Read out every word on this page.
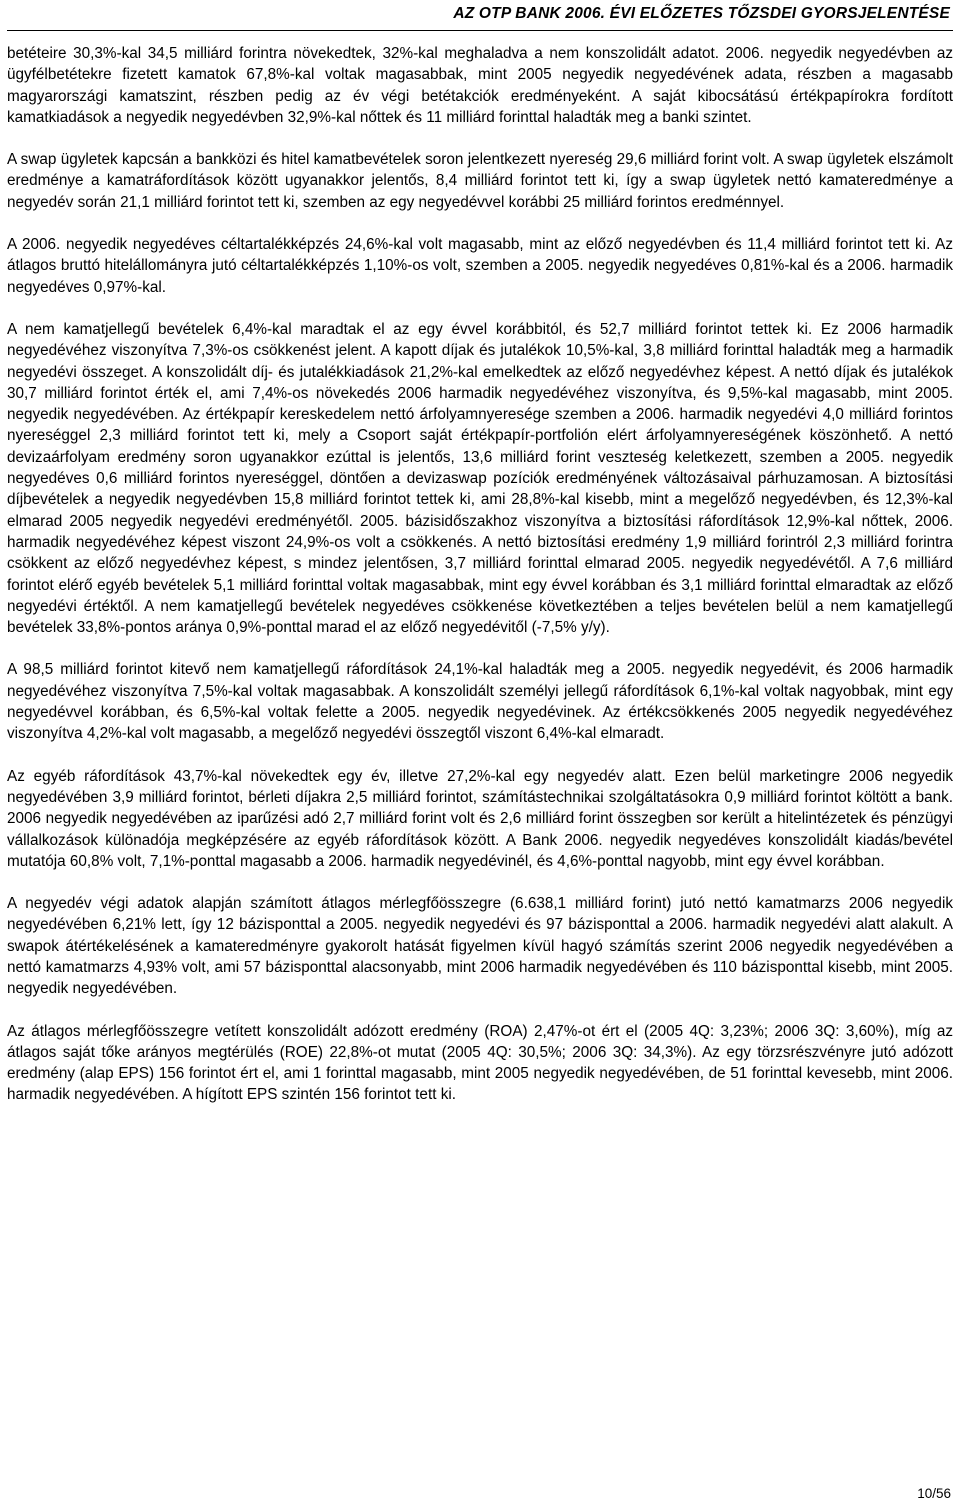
AZ OTP BANK 2006. ÉVI ELŐZETES TŐZSDEI GYORSJELENTÉSE

betéteire 30,3%-kal 34,5 milliárd forintra növekedtek, 32%-kal meghaladva a nem konszolidált adatot. 2006. negyedik negyedévben az ügyfélbetétekre fizetett kamatok 67,8%-kal voltak magasabbak, mint 2005 negyedik negyedévének adata, részben a magasabb magyarországi kamatszint, részben pedig az év végi betétakciók eredményeként. A saját kibocsátású értékpapírokra fordított kamatkiadások a negyedik negyedévben 32,9%-kal nőttek és 11 milliárd forinttal haladták meg a banki szintet.

A swap ügyletek kapcsán a bankközi és hitel kamatbevételek soron jelentkezett nyereség 29,6 milliárd forint volt. A swap ügyletek elszámolt eredménye a kamatráfordítások között ugyanakkor jelentős, 8,4 milliárd forintot tett ki, így a swap ügyletek nettó kamateredménye a negyedév során 21,1 milliárd forintot tett ki, szemben az egy negyedévvel korábbi 25 milliárd forintos eredménnyel.

A 2006. negyedik negyedéves céltartalékképzés 24,6%-kal volt magasabb, mint az előző negyedévben és 11,4 milliárd forintot tett ki. Az átlagos bruttó hitelállományra jutó céltartalékképzés 1,10%-os volt, szemben a 2005. negyedik negyedéves 0,81%-kal és a 2006. harmadik negyedéves 0,97%-kal.

A nem kamatjellegű bevételek 6,4%-kal maradtak el az egy évvel korábbitól, és 52,7 milliárd forintot tettek ki. Ez 2006 harmadik negyedévéhez viszonyítva 7,3%-os csökkenést jelent. A kapott díjak és jutalékok 10,5%-kal, 3,8 milliárd forinttal haladták meg a harmadik negyedévi összeget. A konszolidált díj- és jutalékkiadások 21,2%-kal emelkedtek az előző negyedévhez képest. A nettó díjak és jutalékok 30,7 milliárd forintot érték el, ami 7,4%-os növekedés 2006 harmadik negyedévéhez viszonyítva, és 9,5%-kal magasabb, mint 2005. negyedik negyedévében. Az értékpapír kereskedelem nettó árfolyamnyeresége szemben a 2006. harmadik negyedévi 4,0 milliárd forintos nyereséggel 2,3 milliárd forintot tett ki, mely a Csoport saját értékpapír-portfolión elért árfolyamnyereségének köszönhető. A nettó devizaárfolyam eredmény soron ugyanakkor ezúttal is jelentős, 13,6 milliárd forint veszteség keletkezett, szemben a 2005. negyedik negyedéves 0,6 milliárd forintos nyereséggel, döntően a devizaswap pozíciók eredményének változásaival párhuzamosan. A biztosítási díjbevételek a negyedik negyedévben 15,8 milliárd forintot tettek ki, ami 28,8%-kal kisebb, mint a megelőző negyedévben, és 12,3%-kal elmarad 2005 negyedik negyedévi eredményétől. 2005. bázisidőszakhoz viszonyítva a biztosítási ráfordítások 12,9%-kal nőttek, 2006. harmadik negyedévéhez képest viszont 24,9%-os volt a csökkenés. A nettó biztosítási eredmény 1,9 milliárd forintról 2,3 milliárd forintra csökkent az előző negyedévhez képest, s mindez jelentősen, 3,7 milliárd forinttal elmarad 2005. negyedik negyedévétől. A 7,6 milliárd forintot elérő egyéb bevételek 5,1 milliárd forinttal voltak magasabbak, mint egy évvel korábban és 3,1 milliárd forinttal elmaradtak az előző negyedévi értéktől. A nem kamatjellegű bevételek negyedéves csökkenése következtében a teljes bevételen belül a nem kamatjellegű bevételek 33,8%-pontos aránya 0,9%-ponttal marad el az előző negyedévitől (-7,5% y/y).

A 98,5 milliárd forintot kitevő nem kamatjellegű ráfordítások 24,1%-kal haladták meg a 2005. negyedik negyedévit, és 2006 harmadik negyedévéhez viszonyítva 7,5%-kal voltak magasabbak. A konszolidált személyi jellegű ráfordítások 6,1%-kal voltak nagyobbak, mint egy negyedévvel korábban, és 6,5%-kal voltak felette a 2005. negyedik negyedévinek. Az értékcsökkenés 2005 negyedik negyedévéhez viszonyítva 4,2%-kal volt magasabb, a megelőző negyedévi összegtől viszont 6,4%-kal elmaradt.

Az egyéb ráfordítások 43,7%-kal növekedtek egy év, illetve 27,2%-kal egy negyedév alatt. Ezen belül marketingre 2006 negyedik negyedévében 3,9 milliárd forintot, bérleti díjakra 2,5 milliárd forintot, számítástechnikai szolgáltatásokra 0,9 milliárd forintot költött a bank. 2006 negyedik negyedévében az iparűzési adó 2,7 milliárd forint volt és 2,6 milliárd forint összegben sor került a hitelintézetek és pénzügyi vállalkozások különadója megképzésére az egyéb ráfordítások között. A Bank 2006. negyedik negyedéves konszolidált kiadás/bevétel mutatója 60,8% volt, 7,1%-ponttal magasabb a 2006. harmadik negyedévinél, és 4,6%-ponttal nagyobb, mint egy évvel korábban.

A negyedév végi adatok alapján számított átlagos mérlegfőösszegre (6.638,1 milliárd forint) jutó nettó kamatmarzs 2006 negyedik negyedévében 6,21% lett, így 12 bázisponttal a 2005. negyedik negyedévi és 97 bázisponttal a 2006. harmadik negyedévi alatt alakult. A swapok átértékelésének a kamateredményre gyakorolt hatását figyelmen kívül hagyó számítás szerint 2006 negyedik negyedévében a nettó kamatmarzs 4,93% volt, ami 57 bázisponttal alacsonyabb, mint 2006 harmadik negyedévében és 110 bázisponttal kisebb, mint 2005. negyedik negyedévében.

Az átlagos mérlegfőösszegre vetített konszolidált adózott eredmény (ROA) 2,47%-ot ért el (2005 4Q: 3,23%; 2006 3Q: 3,60%), míg az átlagos saját tőke arányos megtérülés (ROE) 22,8%-ot mutat (2005 4Q: 30,5%; 2006 3Q: 34,3%). Az egy törzsrészvényre jutó adózott eredmény (alap EPS) 156 forintot ért el, ami 1 forinttal magasabb, mint 2005 negyedik negyedévében, de 51 forinttal kevesebb, mint 2006. harmadik negyedévében. A hígított EPS szintén 156 forintot tett ki.

10/56
